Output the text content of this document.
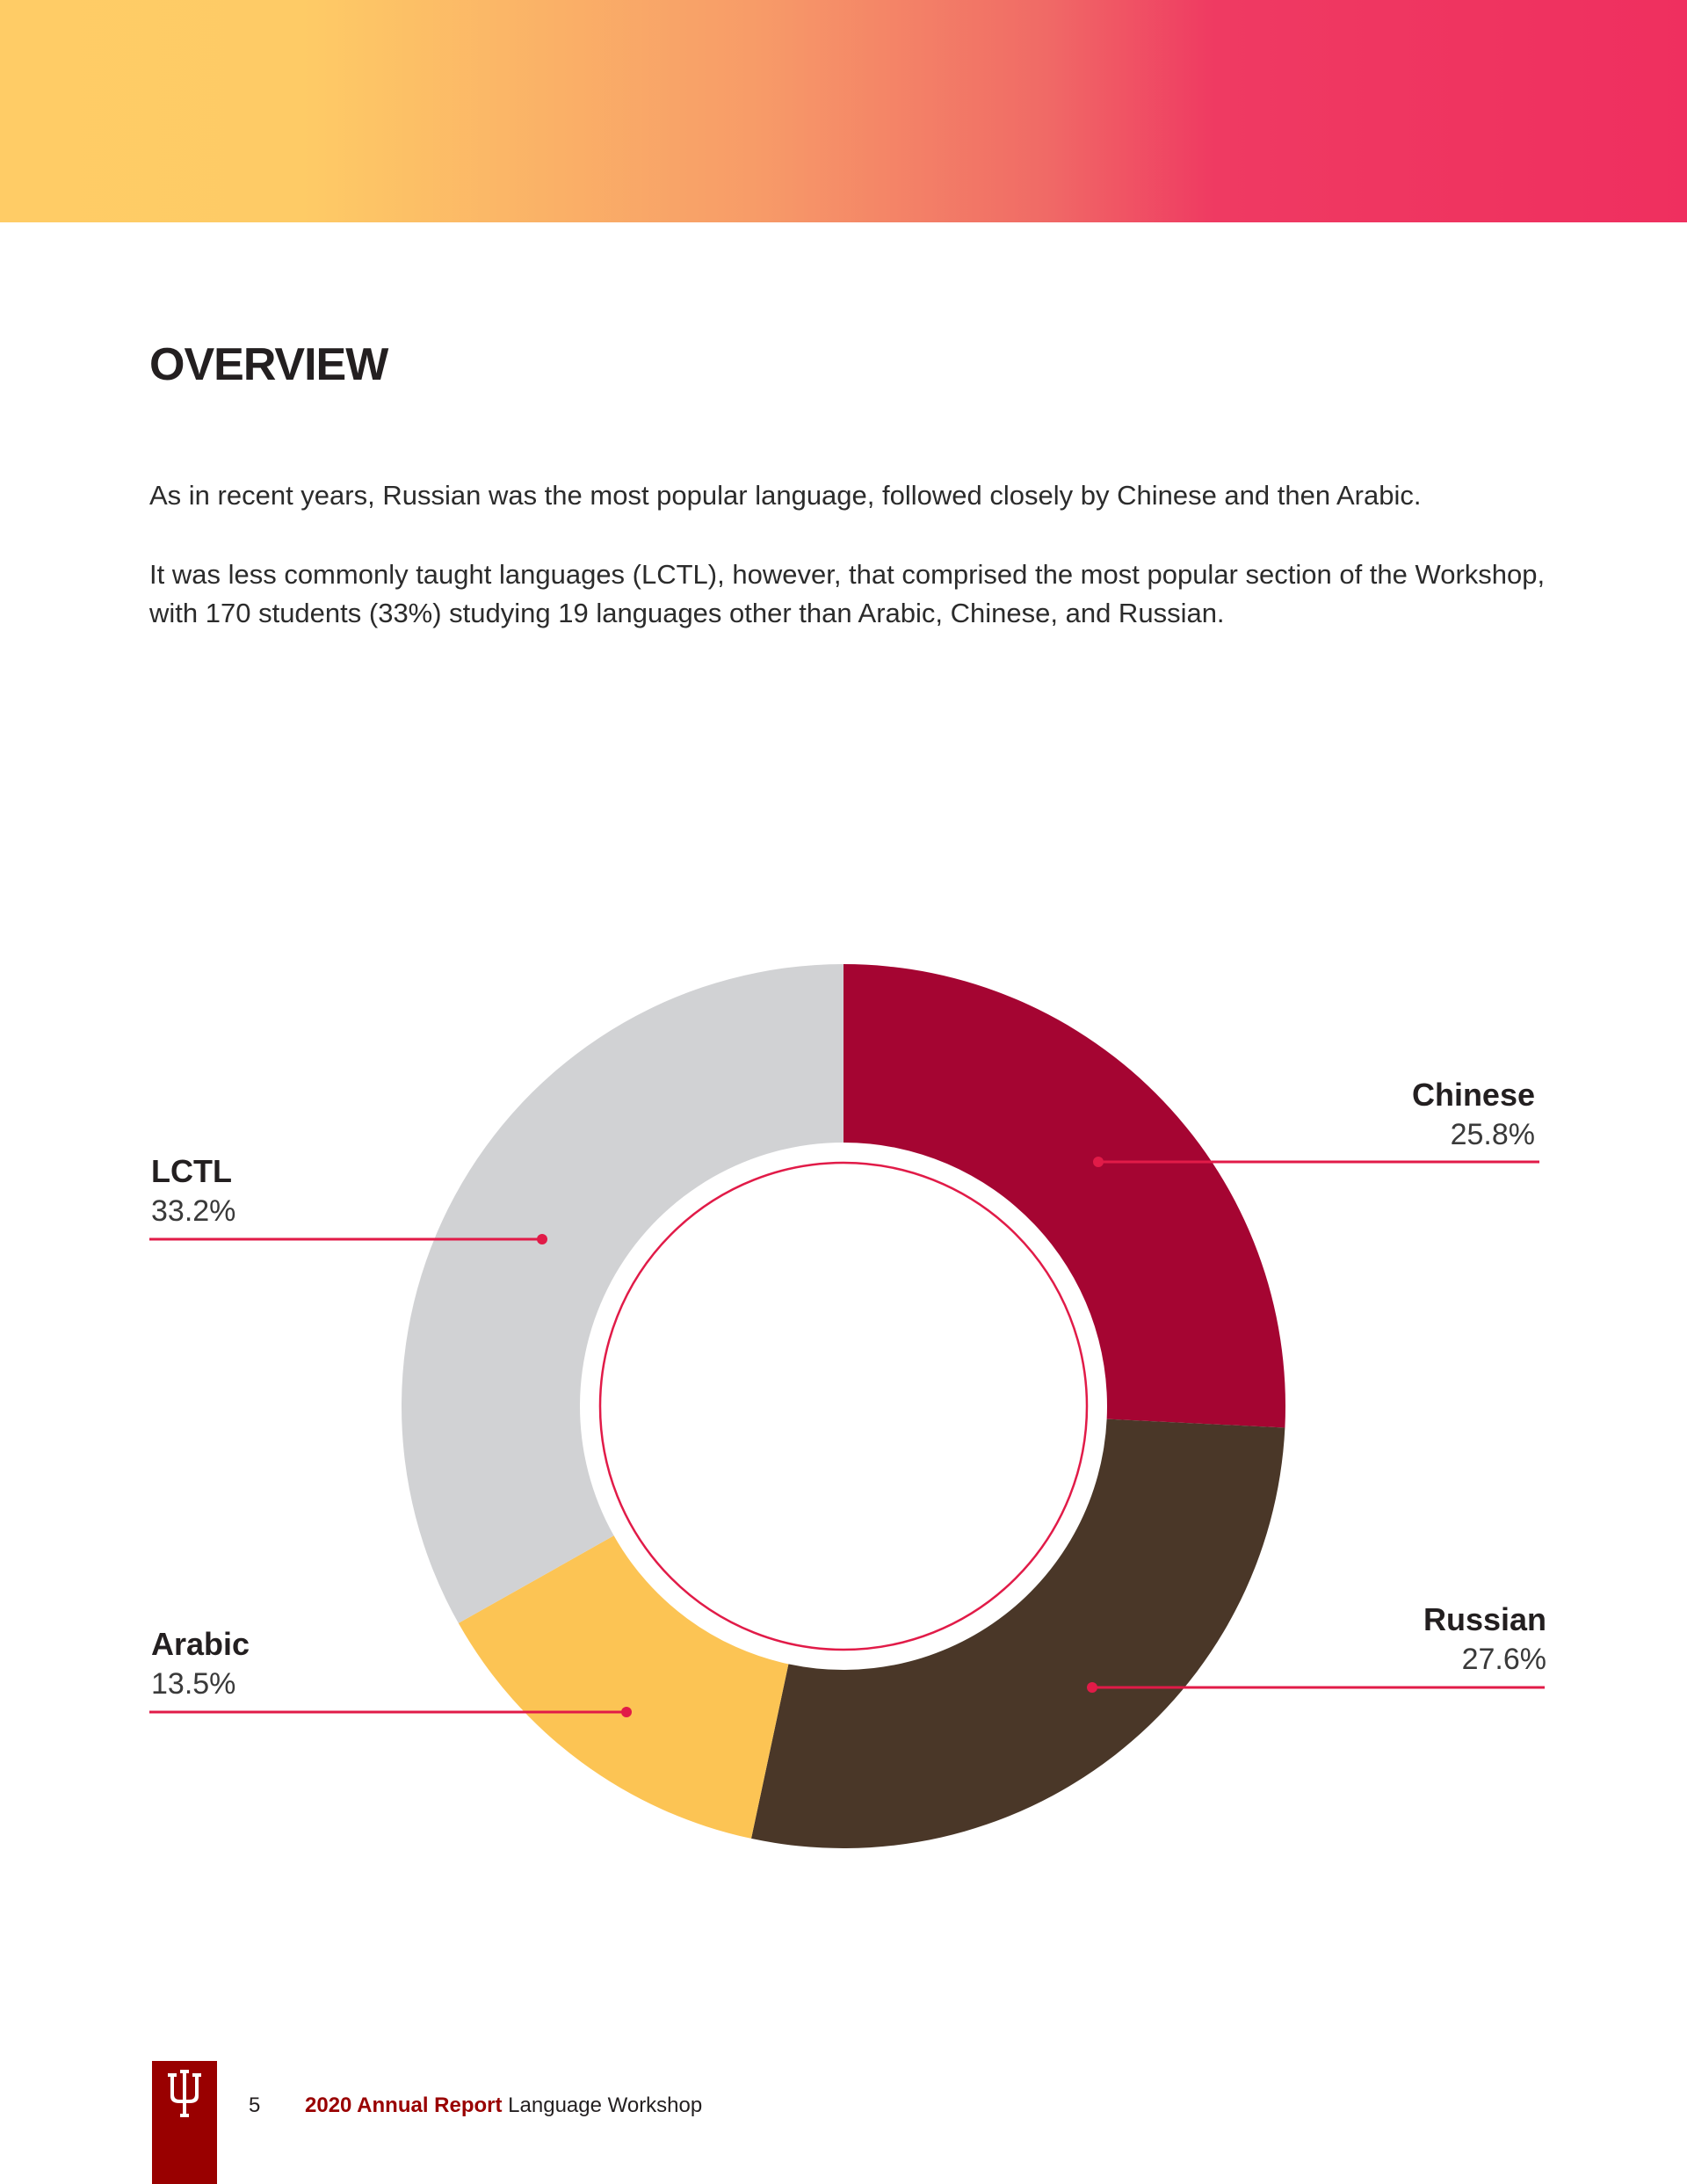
OVERVIEW

As in recent years, Russian was the most popular language, followed closely by Chinese and then Arabic.

It was less commonly taught languages (LCTL), however, that comprised the most popular section of the Workshop, with 170 students (33%) studying 19 languages other than Arabic, Chinese, and Russian.

Chinese
25.8%
Russian
27.6%
Arabic
13.5%
LCTL
33.2%
5 2020 Annual Report Language Workshop
